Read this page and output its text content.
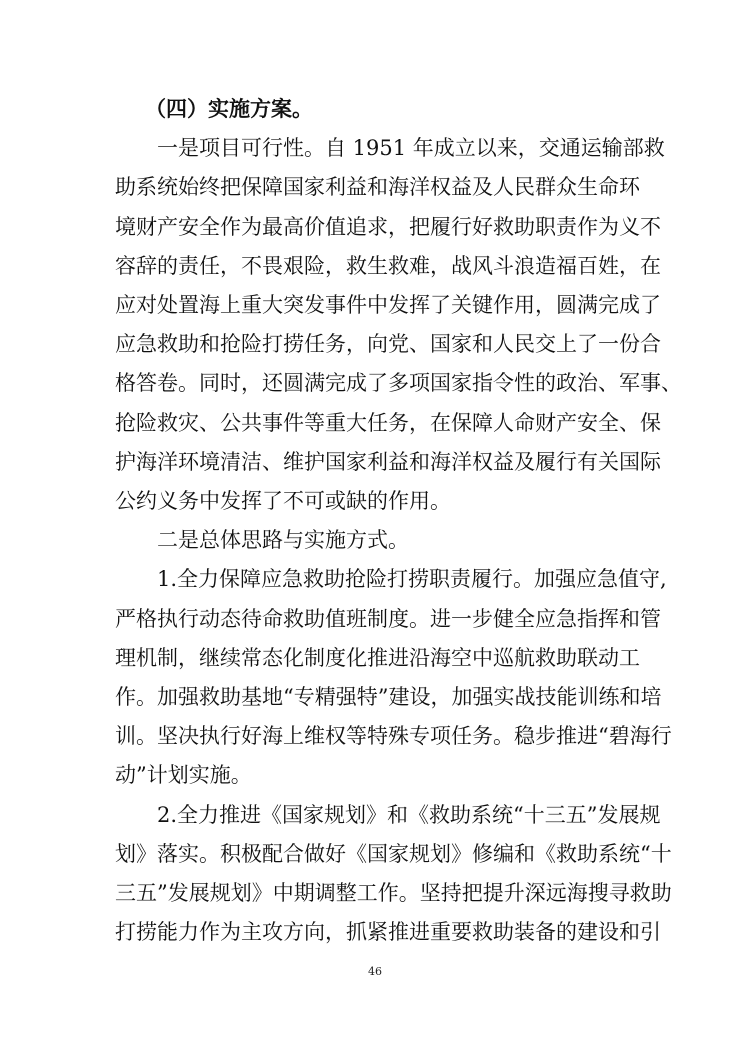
（四）实施方案。
一是项目可行性。自 1951 年成立以来，交通运输部救
助系统始终把保障国家利益和海洋权益及人民群众生命环
境财产安全作为最高价值追求，把履行好救助职责作为义不
容辞的责任，不畏艰险，救生救难，战风斗浪造福百姓，在
应对处置海上重大突发事件中发挥了关键作用，圆满完成了
应急救助和抢险打捞任务，向党、国家和人民交上了一份合
格答卷。同时，还圆满完成了多项国家指令性的政治、军事、
抢险救灾、公共事件等重大任务，在保障人命财产安全、保
护海洋环境清洁、维护国家利益和海洋权益及履行有关国际
公约义务中发挥了不可或缺的作用。
二是总体思路与实施方式。
1.全力保障应急救助抢险打捞职责履行。加强应急值守,
严格执行动态待命救助值班制度。进一步健全应急指挥和管
理机制，继续常态化制度化推进沿海空中巡航救助联动工
作。加强救助基地“专精强特”建设，加强实战技能训练和培
训。坚决执行好海上维权等特殊专项任务。稳步推进“碧海行
动”计划实施。
2.全力推进《国家规划》和《救助系统“十三五”发展规
划》落实。积极配合做好《国家规划》修编和《救助系统“十
三五”发展规划》中期调整工作。坚持把提升深远海搜寻救助
打捞能力作为主攻方向，抓紧推进重要救助装备的建设和引
46
